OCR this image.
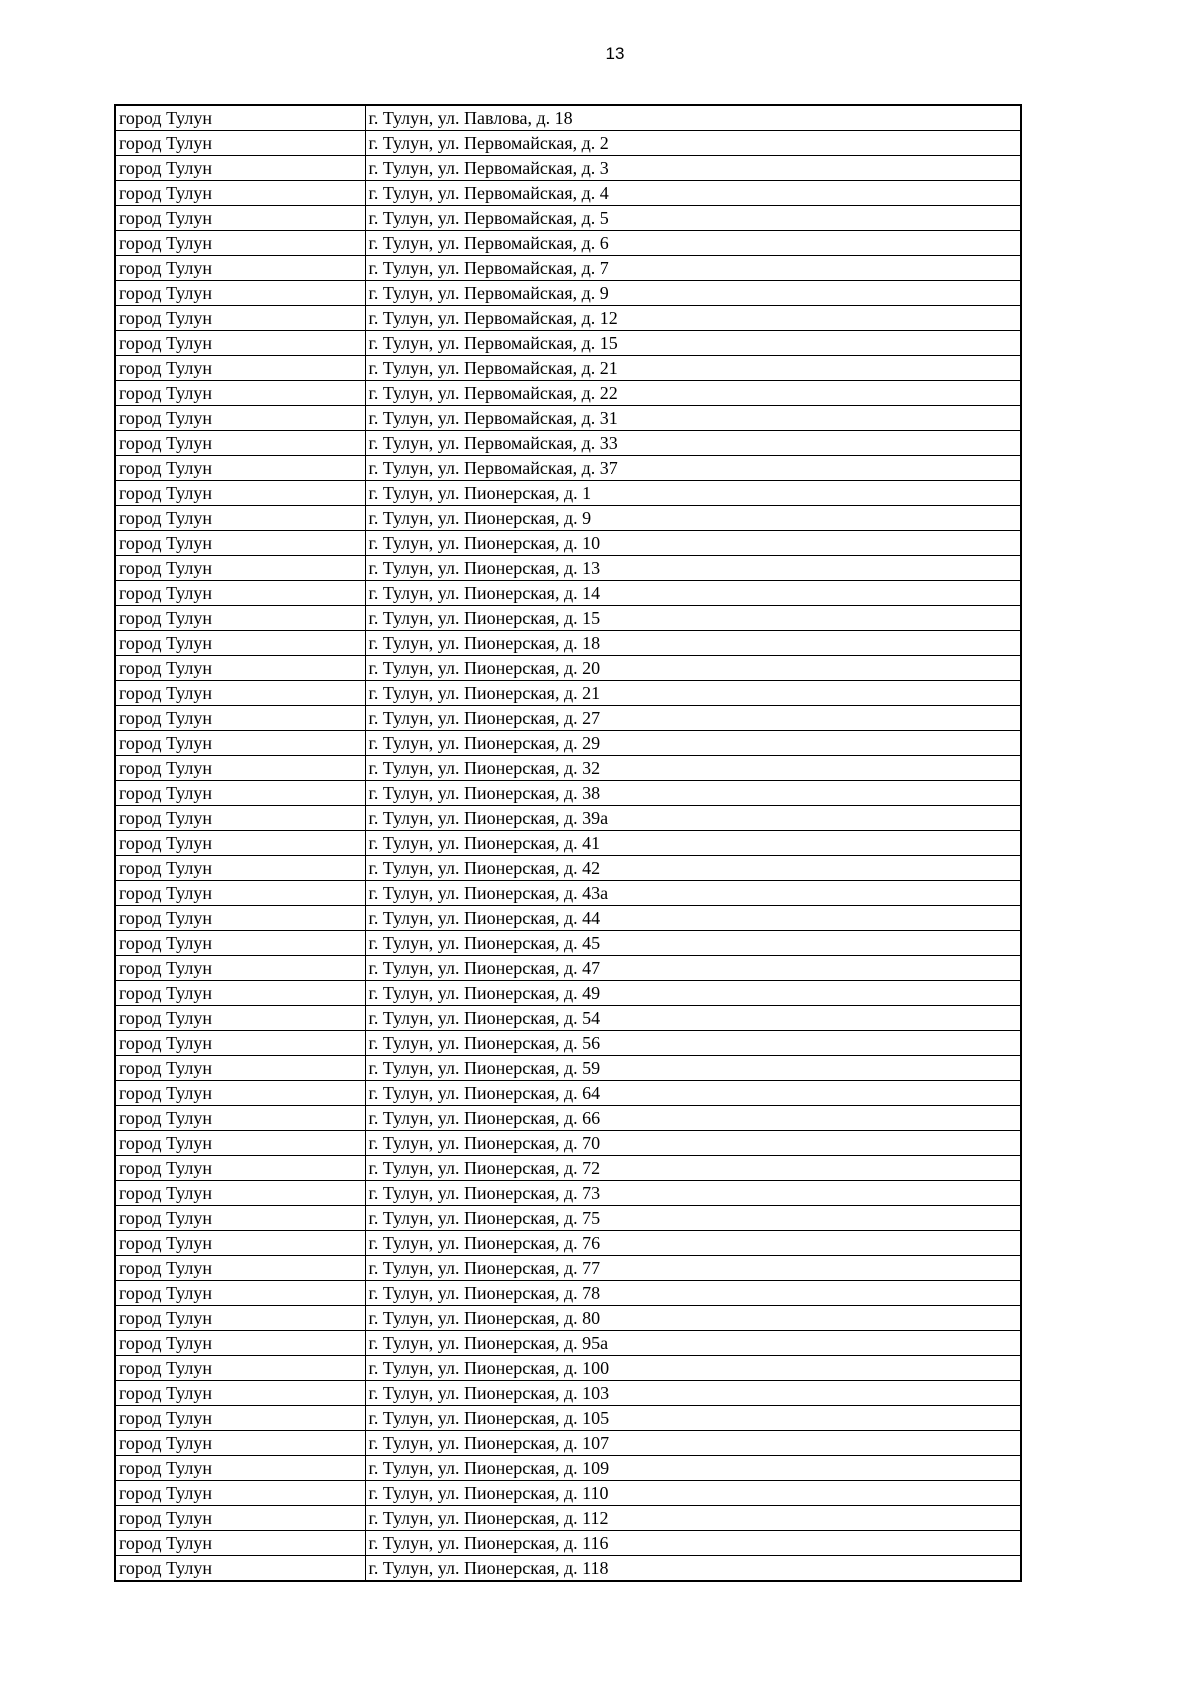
13
город Тулун	г. Тулун, ул. Павлова, д. 18
город Тулун	г. Тулун, ул. Первомайская, д. 2
город Тулун	г. Тулун, ул. Первомайская, д. 3
город Тулун	г. Тулун, ул. Первомайская, д. 4
город Тулун	г. Тулун, ул. Первомайская, д. 5
город Тулун	г. Тулун, ул. Первомайская, д. 6
город Тулун	г. Тулун, ул. Первомайская, д. 7
город Тулун	г. Тулун, ул. Первомайская, д. 9
город Тулун	г. Тулун, ул. Первомайская, д. 12
город Тулун	г. Тулун, ул. Первомайская, д. 15
город Тулун	г. Тулун, ул. Первомайская, д. 21
город Тулун	г. Тулун, ул. Первомайская, д. 22
город Тулун	г. Тулун, ул. Первомайская, д. 31
город Тулун	г. Тулун, ул. Первомайская, д. 33
город Тулун	г. Тулун, ул. Первомайская, д. 37
город Тулун	г. Тулун, ул. Пионерская, д. 1
город Тулун	г. Тулун, ул. Пионерская, д. 9
город Тулун	г. Тулун, ул. Пионерская, д. 10
город Тулун	г. Тулун, ул. Пионерская, д. 13
город Тулун	г. Тулун, ул. Пионерская, д. 14
город Тулун	г. Тулун, ул. Пионерская, д. 15
город Тулун	г. Тулун, ул. Пионерская, д. 18
город Тулун	г. Тулун, ул. Пионерская, д. 20
город Тулун	г. Тулун, ул. Пионерская, д. 21
город Тулун	г. Тулун, ул. Пионерская, д. 27
город Тулун	г. Тулун, ул. Пионерская, д. 29
город Тулун	г. Тулун, ул. Пионерская, д. 32
город Тулун	г. Тулун, ул. Пионерская, д. 38
город Тулун	г. Тулун, ул. Пионерская, д. 39а
город Тулун	г. Тулун, ул. Пионерская, д. 41
город Тулун	г. Тулун, ул. Пионерская, д. 42
город Тулун	г. Тулун, ул. Пионерская, д. 43а
город Тулун	г. Тулун, ул. Пионерская, д. 44
город Тулун	г. Тулун, ул. Пионерская, д. 45
город Тулун	г. Тулун, ул. Пионерская, д. 47
город Тулун	г. Тулун, ул. Пионерская, д. 49
город Тулун	г. Тулун, ул. Пионерская, д. 54
город Тулун	г. Тулун, ул. Пионерская, д. 56
город Тулун	г. Тулун, ул. Пионерская, д. 59
город Тулун	г. Тулун, ул. Пионерская, д. 64
город Тулун	г. Тулун, ул. Пионерская, д. 66
город Тулун	г. Тулун, ул. Пионерская, д. 70
город Тулун	г. Тулун, ул. Пионерская, д. 72
город Тулун	г. Тулун, ул. Пионерская, д. 73
город Тулун	г. Тулун, ул. Пионерская, д. 75
город Тулун	г. Тулун, ул. Пионерская, д. 76
город Тулун	г. Тулун, ул. Пионерская, д. 77
город Тулун	г. Тулун, ул. Пионерская, д. 78
город Тулун	г. Тулун, ул. Пионерская, д. 80
город Тулун	г. Тулун, ул. Пионерская, д. 95а
город Тулун	г. Тулун, ул. Пионерская, д. 100
город Тулун	г. Тулун, ул. Пионерская, д. 103
город Тулун	г. Тулун, ул. Пионерская, д. 105
город Тулун	г. Тулун, ул. Пионерская, д. 107
город Тулун	г. Тулун, ул. Пионерская, д. 109
город Тулун	г. Тулун, ул. Пионерская, д. 110
город Тулун	г. Тулун, ул. Пионерская, д. 112
город Тулун	г. Тулун, ул. Пионерская, д. 116
город Тулун	г. Тулун, ул. Пионерская, д. 118
